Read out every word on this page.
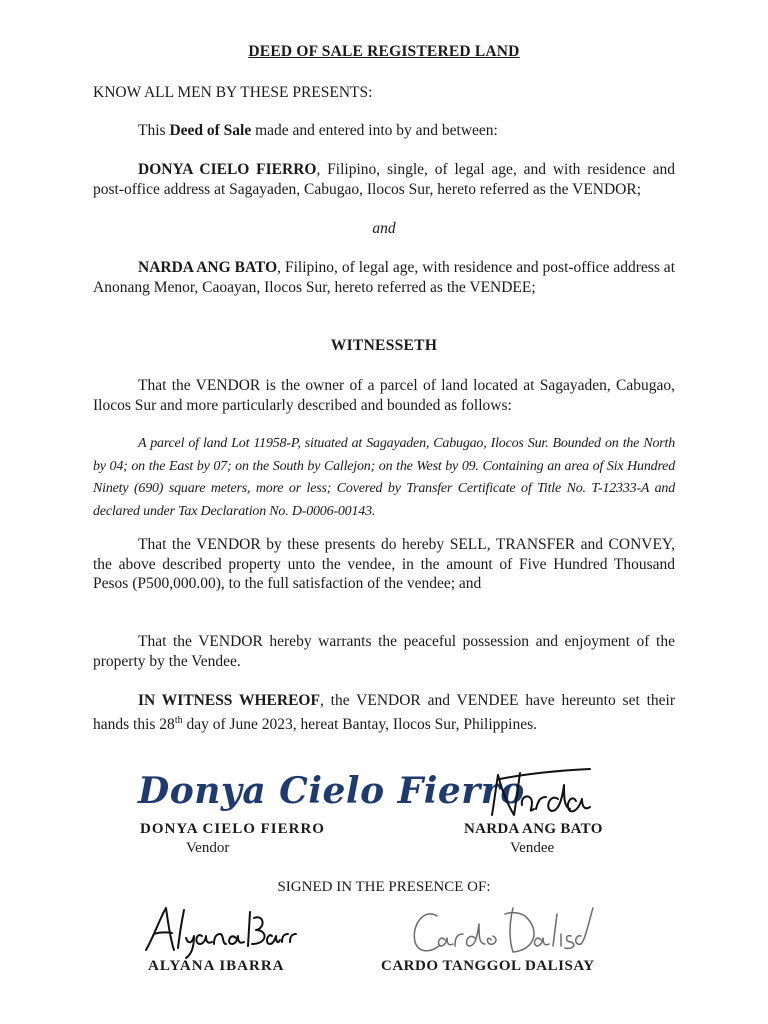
DEED OF SALE REGISTERED LAND

KNOW ALL MEN BY THESE PRESENTS:

This Deed of Sale made and entered into by and between:

DONYA CIELO FIERRO, Filipino, single, of legal age, and with residence and post-office address at Sagayaden, Cabugao, Ilocos Sur, hereto referred as the VENDOR;

and

NARDA ANG BATO, Filipino, of legal age, with residence and post-office address at Anonang Menor, Caoayan, Ilocos Sur, hereto referred as the VENDEE;

WITNESSETH

That the VENDOR is the owner of a parcel of land located at Sagayaden, Cabugao, Ilocos Sur and more particularly described and bounded as follows:

A parcel of land Lot 11958-P, situated at Sagayaden, Cabugao, Ilocos Sur. Bounded on the North by 04; on the East by 07; on the South by Callejon; on the West by 09. Containing an area of Six Hundred Ninety (690) square meters, more or less; Covered by Transfer Certificate of Title No. T-12333-A and declared under Tax Declaration No. D-0006-00143.

That the VENDOR by these presents do hereby SELL, TRANSFER and CONVEY, the above described property unto the vendee, in the amount of Five Hundred Thousand Pesos (P500,000.00), to the full satisfaction of the vendee; and

That the VENDOR hereby warrants the peaceful possession and enjoyment of the property by the Vendee.

IN WITNESS WHEREOF, the VENDOR and VENDEE have hereunto set their hands this 28th day of June 2023, hereat Bantay, Ilocos Sur, Philippines.

Donya Cielo Fierro
DONYA CIELO FIERRO
Vendor
NARDA ANG BATO
Vendee
SIGNED IN THE PRESENCE OF:
ALYANA IBARRA	CARDO TANGGOL DALISAY
